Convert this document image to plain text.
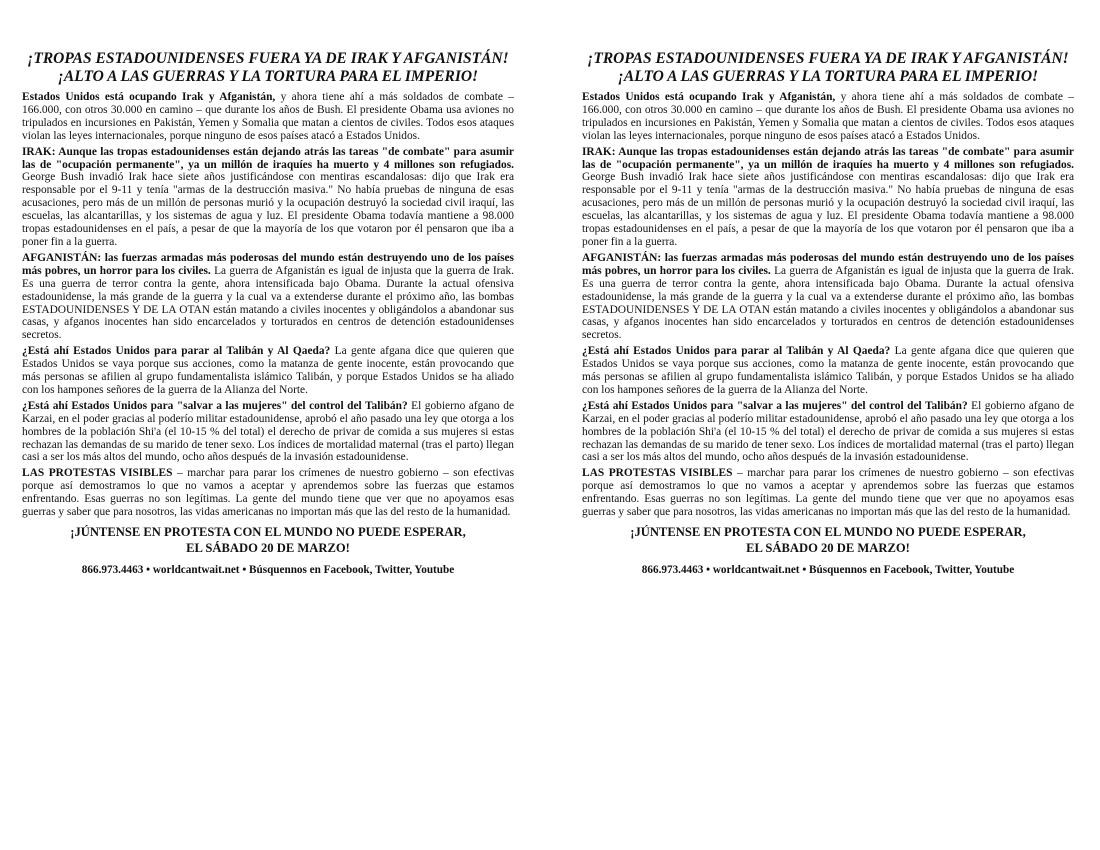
¡TROPAS ESTADOUNIDENSES FUERA YA DE IRAK Y AFGANISTÁN!
¡ALTO A LAS GUERRAS Y LA TORTURA PARA EL IMPERIO!

Estados Unidos está ocupando Irak y Afganistán, y ahora tiene ahí a más soldados de combate – 166.000, con otros 30.000 en camino – que durante los años de Bush. El presidente Obama usa aviones no tripulados en incursiones en Pakistán, Yemen y Somalia que matan a cientos de civiles. Todos esos ataques violan las leyes internacionales, porque ninguno de esos países atacó a Estados Unidos.

IRAK: Aunque las tropas estadounidenses están dejando atrás las tareas "de combate" para asumir las de "ocupación permanente", ya un millón de iraquíes ha muerto y 4 millones son refugiados. George Bush invadió Irak hace siete años justificándose con mentiras escandalosas: dijo que Irak era responsable por el 9-11 y tenía "armas de la destrucción masiva." No había pruebas de ninguna de esas acusaciones, pero más de un millón de personas murió y la ocupación destruyó la sociedad civil iraquí, las escuelas, las alcantarillas, y los sistemas de agua y luz. El presidente Obama todavía mantiene a 98.000 tropas estadounidenses en el país, a pesar de que la mayoría de los que votaron por él pensaron que iba a poner fin a la guerra.

AFGANISTÁN: las fuerzas armadas más poderosas del mundo están destruyendo uno de los países más pobres, un horror para los civiles. La guerra de Afganistán es igual de injusta que la guerra de Irak. Es una guerra de terror contra la gente, ahora intensificada bajo Obama. Durante la actual ofensiva estadounidense, la más grande de la guerra y la cual va a extenderse durante el próximo año, las bombas ESTADOUNIDENSES Y DE LA OTAN están matando a civiles inocentes y obligándolos a abandonar sus casas, y afganos inocentes han sido encarcelados y torturados en centros de detención estadounidenses secretos.

¿Está ahí Estados Unidos para parar al Talibán y Al Qaeda? La gente afgana dice que quieren que Estados Unidos se vaya porque sus acciones, como la matanza de gente inocente, están provocando que más personas se afilien al grupo fundamentalista islámico Talibán, y porque Estados Unidos se ha aliado con los hampones señores de la guerra de la Alianza del Norte.

¿Está ahí Estados Unidos para "salvar a las mujeres" del control del Talibán? El gobierno afgano de Karzai, en el poder gracias al poderío militar estadounidense, aprobó el año pasado una ley que otorga a los hombres de la población Shi'a (el 10-15 % del total) el derecho de privar de comida a sus mujeres si estas rechazan las demandas de su marido de tener sexo. Los índices de mortalidad maternal (tras el parto) llegan casi a ser los más altos del mundo, ocho años después de la invasión estadounidense.

LAS PROTESTAS VISIBLES – marchar para parar los crímenes de nuestro gobierno – son efectivas porque así demostramos lo que no vamos a aceptar y aprendemos sobre las fuerzas que estamos enfrentando. Esas guerras no son legítimas. La gente del mundo tiene que ver que no apoyamos esas guerras y saber que para nosotros, las vidas americanas no importan más que las del resto de la humanidad.

¡JÚNTENSE EN PROTESTA CON EL MUNDO NO PUEDE ESPERAR,
EL SÁBADO 20 DE MARZO!

866.973.4463 • worldcantwait.net • Búsquennos en Facebook, Twitter, Youtube

¡TROPAS ESTADOUNIDENSES FUERA YA DE IRAK Y AFGANISTÁN!
¡ALTO A LAS GUERRAS Y LA TORTURA PARA EL IMPERIO!

Estados Unidos está ocupando Irak y Afganistán, y ahora tiene ahí a más soldados de combate – 166.000, con otros 30.000 en camino – que durante los años de Bush. El presidente Obama usa aviones no tripulados en incursiones en Pakistán, Yemen y Somalia que matan a cientos de civiles. Todos esos ataques violan las leyes internacionales, porque ninguno de esos países atacó a Estados Unidos.

IRAK: Aunque las tropas estadounidenses están dejando atrás las tareas "de combate" para asumir las de "ocupación permanente", ya un millón de iraquíes ha muerto y 4 millones son refugiados. George Bush invadió Irak hace siete años justificándose con mentiras escandalosas: dijo que Irak era responsable por el 9-11 y tenía "armas de la destrucción masiva." No había pruebas de ninguna de esas acusaciones, pero más de un millón de personas murió y la ocupación destruyó la sociedad civil iraquí, las escuelas, las alcantarillas, y los sistemas de agua y luz. El presidente Obama todavía mantiene a 98.000 tropas estadounidenses en el país, a pesar de que la mayoría de los que votaron por él pensaron que iba a poner fin a la guerra.

AFGANISTÁN: las fuerzas armadas más poderosas del mundo están destruyendo uno de los países más pobres, un horror para los civiles. La guerra de Afganistán es igual de injusta que la guerra de Irak. Es una guerra de terror contra la gente, ahora intensificada bajo Obama. Durante la actual ofensiva estadounidense, la más grande de la guerra y la cual va a extenderse durante el próximo año, las bombas ESTADOUNIDENSES Y DE LA OTAN están matando a civiles inocentes y obligándolos a abandonar sus casas, y afganos inocentes han sido encarcelados y torturados en centros de detención estadounidenses secretos.

¿Está ahí Estados Unidos para parar al Talibán y Al Qaeda? La gente afgana dice que quieren que Estados Unidos se vaya porque sus acciones, como la matanza de gente inocente, están provocando que más personas se afilien al grupo fundamentalista islámico Talibán, y porque Estados Unidos se ha aliado con los hampones señores de la guerra de la Alianza del Norte.

¿Está ahí Estados Unidos para "salvar a las mujeres" del control del Talibán? El gobierno afgano de Karzai, en el poder gracias al poderío militar estadounidense, aprobó el año pasado una ley que otorga a los hombres de la población Shi'a (el 10-15 % del total) el derecho de privar de comida a sus mujeres si estas rechazan las demandas de su marido de tener sexo. Los índices de mortalidad maternal (tras el parto) llegan casi a ser los más altos del mundo, ocho años después de la invasión estadounidense.

LAS PROTESTAS VISIBLES – marchar para parar los crímenes de nuestro gobierno – son efectivas porque así demostramos lo que no vamos a aceptar y aprendemos sobre las fuerzas que estamos enfrentando. Esas guerras no son legítimas. La gente del mundo tiene que ver que no apoyamos esas guerras y saber que para nosotros, las vidas americanas no importan más que las del resto de la humanidad.

¡JÚNTENSE EN PROTESTA CON EL MUNDO NO PUEDE ESPERAR,
EL SÁBADO 20 DE MARZO!

866.973.4463 • worldcantwait.net • Búsquennos en Facebook, Twitter, Youtube
